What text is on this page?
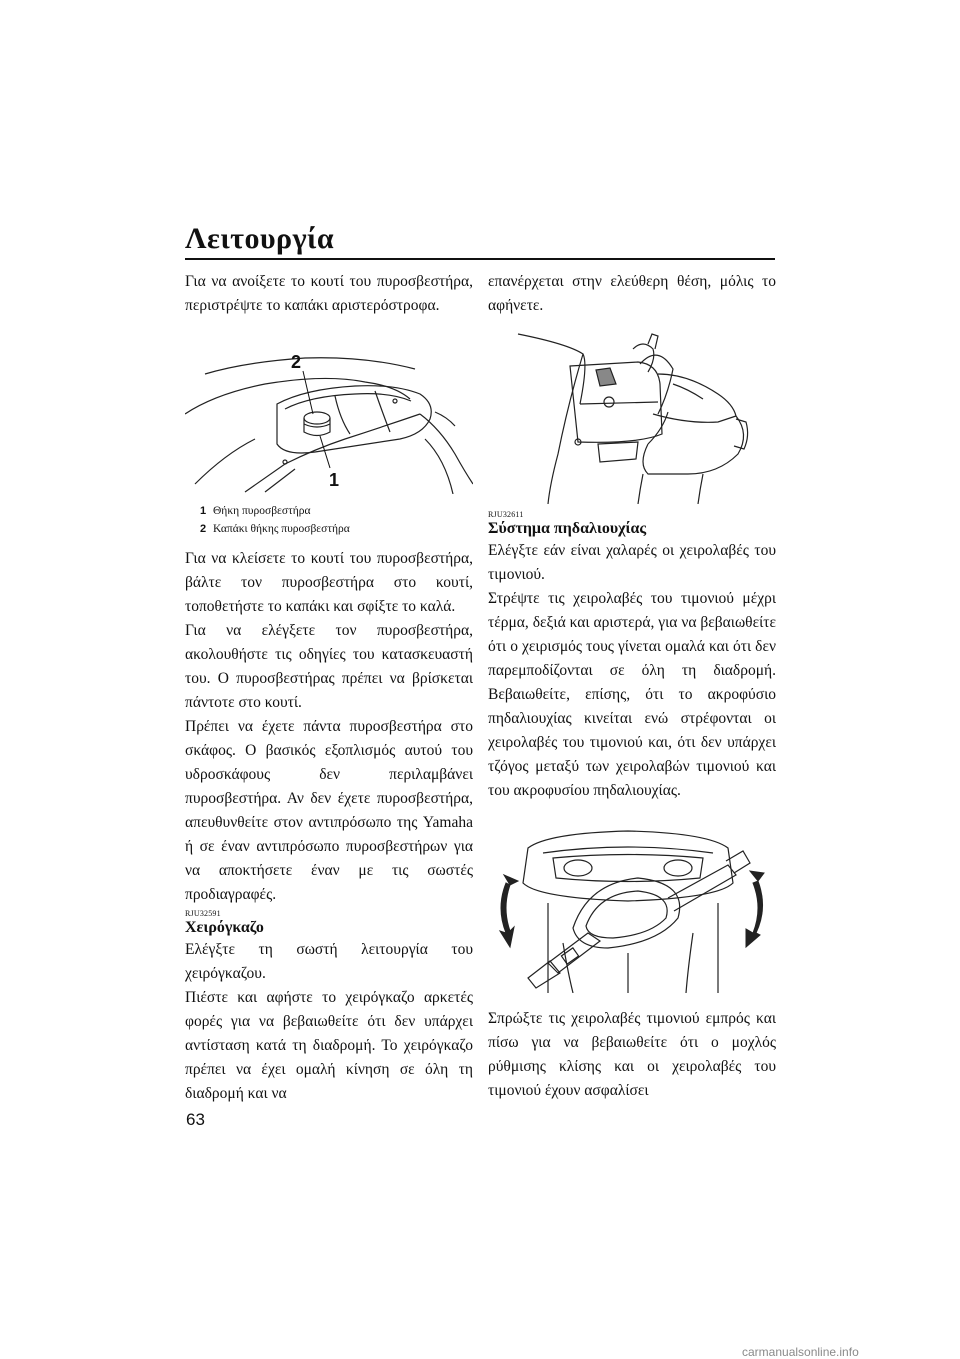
Λειτουργία

Για να ανοίξετε το κουτί του πυροσβεστήρα, περιστρέψτε το καπάκι αριστερόστροφα.

2
1
1 Θήκη πυροσβεστήρα
2 Καπάκι θήκης πυροσβεστήρα

Για να κλείσετε το κουτί του πυροσβεστήρα, βάλτε τον πυροσβεστήρα στο κουτί, τοποθετήστε το καπάκι και σφίξτε το καλά.

Για να ελέγξετε τον πυροσβεστήρα, ακολουθήστε τις οδηγίες του κατασκευαστή του. Ο πυροσβεστήρας πρέπει να βρίσκεται πάντοτε στο κουτί.

Πρέπει να έχετε πάντα πυροσβεστήρα στο σκάφος. Ο βασικός εξοπλισμός αυτού του υδροσκάφους δεν περιλαμβάνει πυροσβεστήρα. Αν δεν έχετε πυροσβεστήρα, απευθυνθείτε στον αντιπρόσωπο της Yamaha ή σε έναν αντιπρόσωπο πυροσβεστήρων για να αποκτήσετε έναν με τις σωστές προδιαγραφές.

RJU32591
Χειρόγκαζο

Ελέγξτε τη σωστή λειτουργία του χειρόγκαζου.

Πιέστε και αφήστε το χειρόγκαζο αρκετές φορές για να βεβαιωθείτε ότι δεν υπάρχει αντίσταση κατά τη διαδρομή. Το χειρόγκαζο πρέπει να έχει ομαλή κίνηση σε όλη τη διαδρομή και να

επανέρχεται στην ελεύθερη θέση, μόλις το αφήνετε.

RJU32611
Σύστημα πηδαλιουχίας

Ελέγξτε εάν είναι χαλαρές οι χειρολαβές του τιμονιού.

Στρέψτε τις χειρολαβές του τιμονιού μέχρι τέρμα, δεξιά και αριστερά, για να βεβαιωθείτε ότι ο χειρισμός τους γίνεται ομαλά και ότι δεν παρεμποδίζονται σε όλη τη διαδρομή. Βεβαιωθείτε, επίσης, ότι το ακροφύσιο πηδαλιουχίας κινείται ενώ στρέφονται οι χειρολαβές του τιμονιού και, ότι δεν υπάρχει τζόγος μεταξύ των χειρολαβών τιμονιού και του ακροφυσίου πηδαλιουχίας.

Σπρώξτε τις χειρολαβές τιμονιού εμπρός και πίσω για να βεβαιωθείτε ότι ο μοχλός ρύθμισης κλίσης και οι χειρολαβές του τιμονιού έχουν ασφαλίσει

63
carmanualsonline.info
